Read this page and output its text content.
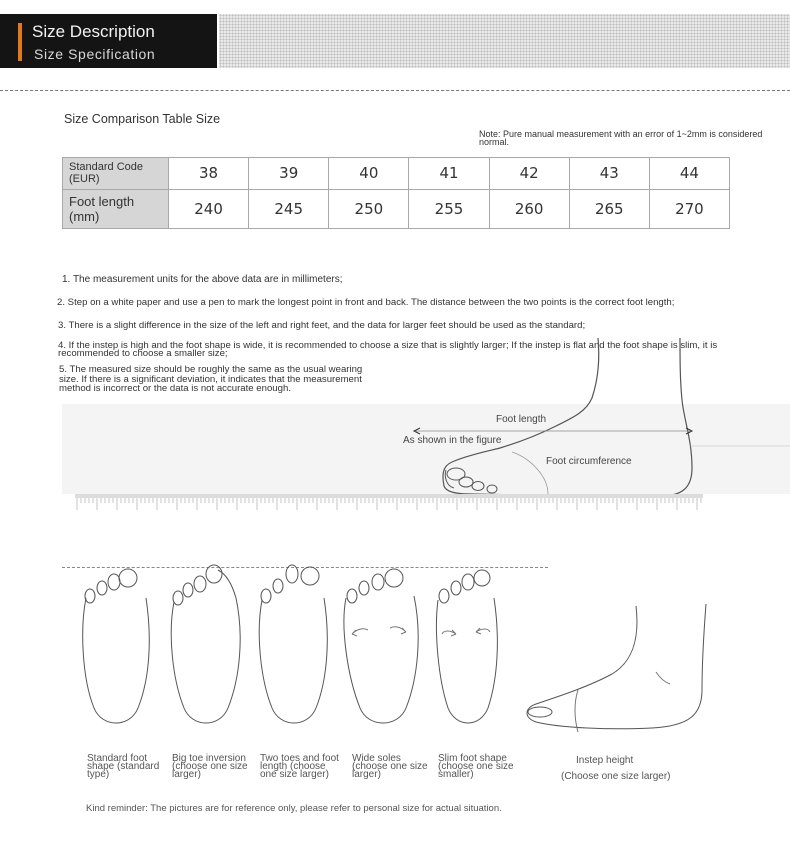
Size Description
Size Specification
Size Comparison Table Size
Note: Pure manual measurement with an error of 1~2mm is considered normal.
Standard Code (EUR)	38	39	40	41	42	43	44
Foot length (mm)	240	245	250	255	260	265	270
1. The measurement units for the above data are in millimeters;
2. Step on a white paper and use a pen to mark the longest point in front and back. The distance between the two points is the correct foot length;
3. There is a slight difference in the size of the left and right feet, and the data for larger feet should be used as the standard;
4. If the instep is high and the foot shape is wide, it is recommended to choose a size that is slightly larger; If the instep is flat and the foot shape is slim, it is recommended to choose a smaller size;
5. The measured size should be roughly the same as the usual wearing size. If there is a significant deviation, it indicates that the measurement method is incorrect or the data is not accurate enough.
Foot length
As shown in the figure
Foot circumference
Standard foot shape (standard type)
Big toe inversion (choose one size larger)
Two toes and foot length (choose one size larger)
Wide soles (choose one size larger)
Slim foot shape (choose one size smaller)
Instep height
(Choose one size larger)
Kind reminder: The pictures are for reference only, please refer to personal size for actual situation.
